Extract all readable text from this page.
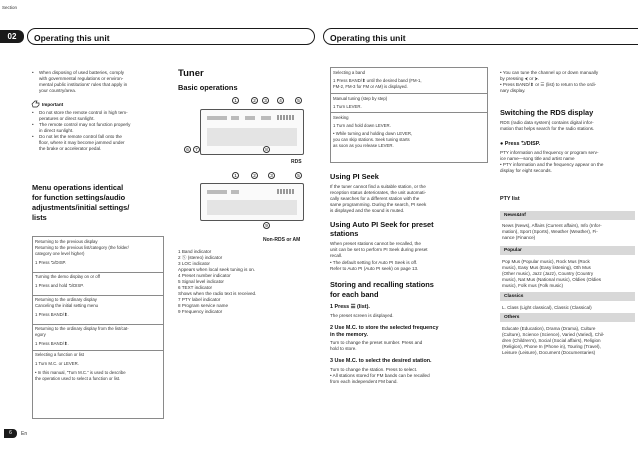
Section
02	Operating this unit	Operating this unit
• When disposing of used batteries, comply
with governmental regulations or environ-
mental public institutions' rules that apply in
your country/area.
Important
• Do not store the remote control in high tem-
peratures or direct sunlight.
• The remote control may not function properly
in direct sunlight.
• Do not let the remote control fall onto the
floor, where it may become jammed under
the brake or accelerator pedal.
Menu operations identical
for function settings/audio
adjustments/initial settings/
lists
Returning to the previous display
Returning to the previous list/category (the folder/
category one level higher)
1 Press ⮌/DISP.
Turning the demo display on or off
1 Press and hold ⮌/DISP.
Returning to the ordinary display
Canceling the initial setting menu
1 Press BAND/⬍.
Returning to the ordinary display from the list/cat-
egory
1 Press BAND/⬍.
Selecting a function or list
1 Turn M.C. or LEVER.
• In this manual, “Turn M.C.” is used to describe
the operation used to select a function or list.
Tuner
Basic operations
1	2	3	4	5
6	7	8
RDS
1	2	3	5
9
Non-RDS or AM
1 Band indicator
2 Ⓢ (stereo) indicator
3 LOC indicator
Appears when local seek tuning is on.
4 Preset number indicator
5 Signal level indicator
6 TEXT indicator
Shows when the radio text is received.
7 PTY label indicator
8 Program service name
9 Frequency indicator
Selecting a band
1 Press BAND/⬍ until the desired band (FM-1,
FM-2, FM-3 for FM or AM) is displayed.
Manual tuning (step by step)
1 Turn LEVER.
Seeking
1 Turn and hold down LEVER.
• While turning and holding down LEVER,
you can skip stations. Seek tuning starts
as soon as you release LEVER.
Using PI Seek
If the tuner cannot find a suitable station, or the
reception status deteriorates, the unit automati-
cally searches for a different station with the
same programming. During the search, PI seek
is displayed and the sound is muted.
Using Auto PI Seek for preset
stations
When preset stations cannot be recalled, the
unit can be set to perform PI Seek during preset
recall.
• The default setting for Auto PI Seek is off.
Refer to Auto PI (Auto PI seek) on page 13.
Storing and recalling stations
for each band
1 Press ☰ (list).
The preset screen is displayed.
2 Use M.C. to store the selected frequency
in the memory.
Turn to change the preset number. Press and
hold to store.
3 Use M.C. to select the desired station.
Turn to change the station. Press to select.
• All stations stored for FM bands can be recalled
from each independent FM band.
• You can tune the channel up or down manually
by pressing ⮜ or ⮞.
• Press BAND/⬍ or ☰ (list) to return to the ordi-
nary display.
Switching the RDS display
RDS (radio data system) contains digital infor-
mation that helps search for the radio stations.
● Press ⮌/DISP.
PTY information and frequency or program serv-
ice name—song title and artist name
• PTY information and the frequency appear on the
display for eight seconds.
PTY list
News&Inf
News (News), Affairs (Current affairs), Info (Infor-
mation), Sport (Sports), Weather (Weather), Fi-
nance (Finance)
Popular
Pop Mus (Popular music), Rock Mus (Rock
music), Easy Mus (Easy listening), Oth Mus
(Other music), Jazz (Jazz), Country (Country
music), Nat Mus (National music), Oldies (Oldies
music), Folk mus (Folk music)
Classics
L. Class (Light classical), Classic (Classical)
Others
Educate (Education), Drama (Drama), Culture
(Culture), Science (Science), Varied (Varied), Chil-
dren (Children's), Social (Social affairs), Religion
(Religion), Phone In (Phone in), Touring (Travel),
Leisure (Leisure), Document (Documentaries)
6	En
